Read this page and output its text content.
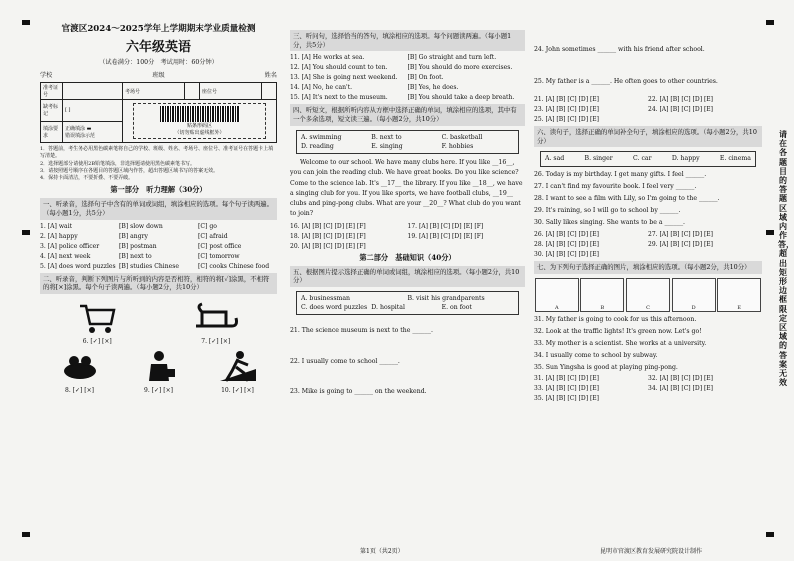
官渡区2024～2025学年上学期期末学业质量检测
六年级英语
（试卷满分：100分　考试用时：60分钟）
学校	班级	姓名
准考证号		考场号		座位号	
缺考标记	[ ]	贴条形码区
（切勿贴出虚线框外）			

填涂要求	正确填涂 ▬
错误填涂示范				
1．答题前，考生务必用黑色碳素笔将自己的学校、班级、姓名、考场号、座位号、准考证号在答题卡上填写清楚。
2．选择题部分请使用2B铅笔填涂，非选择题请使用黑色碳素笔书写。
3．请按照题号顺序在各题目的答题区域内作答，超出答题区域书写的答案无效。
4．保持卡面清洁，不要折叠、不要弄破。
第一部分　听力理解（30分）
一、听录音，选择句子中含有的单词或词组，填涂相应的选项。每个句子读两遍。（每小题1分，共5分）
1. [A] wait	[B] slow down	[C] go
2. [A] happy	[B] angry	[C] afraid
3. [A] police officer	[B] postman	[C] post office
4. [A] next week	[B] next to	[C] tomorrow
5. [A] does word puzzles [B] studies Chinese	[C] cooks Chinese food
二、听录音，判断下列图片与所听到的内容是否相符，相符的将[✓]涂黑，不相符的将[×]涂黑。每个句子读两遍。（每小题2分，共10分）
6. [✓] [×]	7. [✓] [×]
8. [✓] [×]	9. [✓] [×]	10. [✓] [×]
三、听问句，选择恰当的答句，填涂相应的选项。每个问题读两遍。（每小题1分，共5分）
11. [A] He works at sea.	[B] Go straight and turn left.
12. [A] You should count to ten.	[B] You should do more exercises.
13. [A] She is going next weekend.	[B] On foot.
14. [A] No, he can't.	[B] Yes, he does.
15. [A] It's next to the museum.	[B] You should take a deep breath.
四、听短文，根据所听内容从方框中选择正确的单词，填涂相应的选项，其中有一个多余选项，短文读三遍。（每小题2分，共10分）
A. swimming	B. next to	C. basketball
D. reading	E. singing	F. hobbies
Welcome to our school. We have many clubs here. If you like __16__, you can join the reading club. We have great books. Do you like science? Come to the science lab. It's __17__ the library. If you like __18__, we have a singing club for you. If you like sports, we have football clubs, __19__ clubs and ping-pong clubs. What are your __20__? What club do you want to join?
16. [A] [B] [C] [D] [E] [F]	17. [A] [B] [C] [D] [E] [F]
18. [A] [B] [C] [D] [E] [F]	19. [A] [B] [C] [D] [E] [F]
20. [A] [B] [C] [D] [E] [F]
第二部分　基础知识（40分）
五、根据图片提示选择正确的单词或词组，填涂相应的选项。（每小题2分，共10分）
A. businessman	B. visit his grandparents
C. does word puzzles D. hospital	E. on foot
21. The science museum is next to the ______.
22. I usually come to school ______.
23. Mike is going to ______ on the weekend.
24. John sometimes ______ with his friend after school.
25. My father is a ______. He often goes to other countries.
21. [A] [B] [C] [D] [E]	22. [A] [B] [C] [D] [E]
23. [A] [B] [C] [D] [E]	24. [A] [B] [C] [D] [E]
25. [A] [B] [C] [D] [E]
六、读句子，选择正确的单词补全句子，填涂相应的选项。（每小题2分，共10分）
A. sad	B. singer	C. car	D. happy	E. cinema
26. Today is my birthday. I get many gifts. I feel ______.
27. I can't find my favourite book. I feel very ______.
28. I want to see a film with Lily, so I'm going to the ______.
29. It's raining, so I will go to school by ______.
30. Sally likes singing. She wants to be a ______.
26. [A] [B] [C] [D] [E]	27. [A] [B] [C] [D] [E]
28. [A] [B] [C] [D] [E]	29. [A] [B] [C] [D] [E]
30. [A] [B] [C] [D] [E]
七、为下列句子选择正确的图片，填涂相应的选项。（每小题2分，共10分）
A	B	C	D	E
31. My father is going to cook for us this afternoon.
32. Look at the traffic lights! It's green now. Let's go!
33. My mother is a scientist. She works at a university.
34. I usually come to school by subway.
35. Sun Yingsha is good at playing ping-pong.
31. [A] [B] [C] [D] [E]	32. [A] [B] [C] [D] [E]
33. [A] [B] [C] [D] [E]	34. [A] [B] [C] [D] [E]
35. [A] [B] [C] [D] [E]
请在各题目的答题区域内作答，超出矩形边框限定区域的答案无效
第1页（共2页）	昆明市官渡区教育发展研究院设计制作
